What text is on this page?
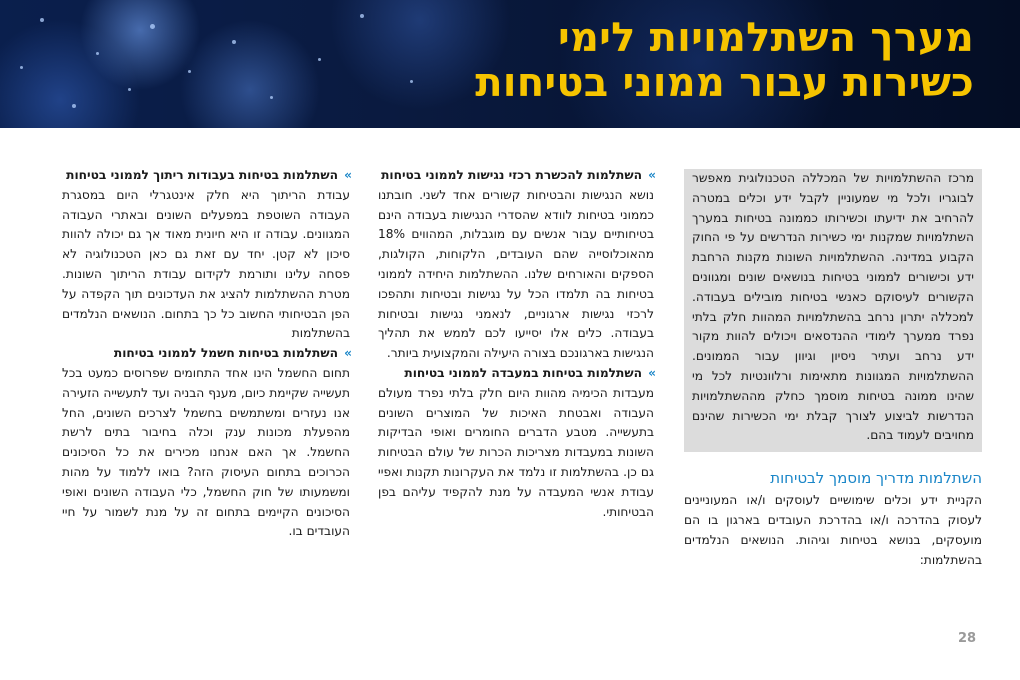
מערך השתלמויות לימי
כשירות עבור ממוני בטיחות

מרכז ההשתלמויות של המכללה הטכנולוגית מאפשר לבוגריו ולכל מי שמעוניין לקבל ידע וכלים במטרה להרחיב את ידיעתו וכשירותו כממונה בטיחות במערך השתלמויות שמקנות ימי כשירות הנדרשים על פי החוק הקבוע במדינה. ההשתלמויות השונות מקנות הרחבת ידע וכישורים לממוני בטיחות בנושאים שונים ומגוונים הקשורים לעיסוקם כאנשי בטיחות מובילים בעבודה. למכללה יתרון נרחב בהשתלמויות המהוות חלק בלתי נפרד ממערך לימודי ההנדסאים ויכולים להוות מקור ידע נרחב ועתיר ניסיון וגיוון עבור הממונים. ההשתלמויות המגוונות מתאימות ורלוונטיות לכל מי שהינו ממונה בטיחות מוסמך כחלק מההשתלמויות הנדרשות לביצוע לצורך קבלת ימי הכשירות שהינם מחויבים לעמוד בהם.

השתלמות מדריך מוסמך לבטיחות

הקניית ידע וכלים שימושיים לעוסקים ו/או המעוניינים לעסוק בהדרכה ו/או בהדרכת העובדים בארגון בו הם מועסקים, בנושא בטיחות וגיהות. הנושאים הנלמדים בהשתלמות:

»
השתלמות להכשרת רכזי נגישות לממוני בטיחות

נושא הנגישות והבטיחות קשורים אחד לשני. חובתנו כממוני בטיחות לוודא שהסדרי הנגישות בעבודה הינם בטיחותיים עבור אנשים עם מוגבלות, המהווים 18% מהאוכלוסייה שהם העובדים, הלקוחות, הקולגות, הספקים והאורחים שלנו. ההשתלמות היחידה לממוני בטיחות בה תלמדו הכל על נגישות ובטיחות ותהפכו לרכזי נגישות ארגוניים, לנאמני נגישות ובטיחות בעבודה. כלים אלו יסייעו לכם לממש את תהליך הנגישות בארגונכם בצורה היעילה והמקצועית ביותר.

»
השתלמות בטיחות במעבדה לממוני בטיחות

מעבדות הכימיה מהוות היום חלק בלתי נפרד מעולם העבודה ואבטחת האיכות של המוצרים השונים בתעשייה. מטבע הדברים החומרים ואופי הבדיקות השונות במעבדות מצריכות הכרות של עולם הבטיחות גם כן. בהשתלמות זו נלמד את העקרונות תקנות ואפיי עבודת אנשי המעבדה על מנת להקפיד עליהם בפן הבטיחותי.

»
השתלמות בטיחות בעבודות ריתוך לממוני בטיחות

עבודת הריתוך היא חלק אינטגרלי היום במסגרת העבודה השוטפת במפעלים השונים ובאתרי העבודה המגוונים. עבודה זו היא חיונית מאוד אך גם יכולה להוות סיכון לא קטן. יחד עם זאת גם כאן הטכנולוגיה לא פסחה עלינו ותורמת לקידום עבודת הריתוך השונות. מטרת ההשתלמות להציג את העדכונים תוך הקפדה על הפן הבטיחותי החשוב כל כך בתחום. הנושאים הנלמדים בהשתלמות

»
השתלמות בטיחות חשמל לממוני בטיחות

תחום החשמל הינו אחד התחומים שפרוסים כמעט בכל תעשייה שקיימת כיום, מענף הבניה ועד לתעשייה הזעירה אנו נעזרים ומשתמשים בחשמל לצרכים השונים, החל מהפעלת מכונות ענק וכלה בחיבור בתים לרשת החשמל. אך האם אנחנו מכירים את כל הסיכונים הכרוכים בתחום העיסוק הזה? בואו ללמוד על מהות ומשמעותו של חוק החשמל, כלי העבודה השונים ואופי הסיכונים הקיימים בתחום זה על מנת לשמור על חיי העובדים בו.

28
